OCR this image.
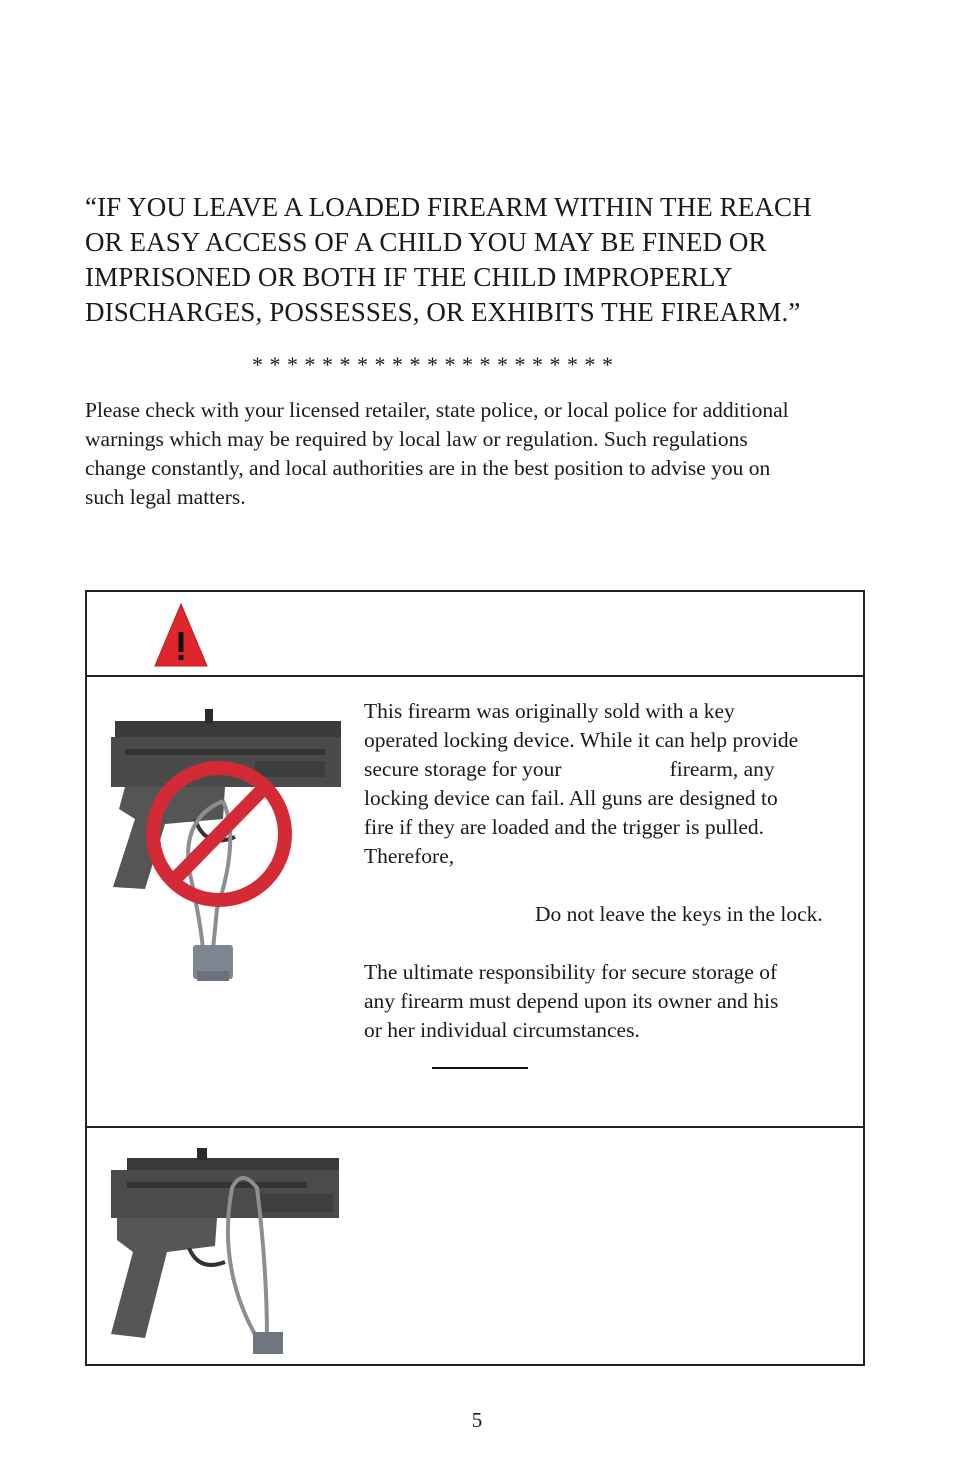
“IF YOU LEAVE A LOADED FIREARM WITHIN THE REACH
OR EASY ACCESS OF A CHILD YOU MAY BE FINED OR
IMPRISONED OR BOTH IF THE CHILD IMPROPERLY
DISCHARGES, POSSESSES, OR EXHIBITS THE FIREARM.”
* * * * * * * * * * * * * * * * * * * * *
Please check with your licensed retailer, state police, or local police for additional
warnings which may be required by local law or regulation. Such regulations
change constantly, and local authorities are in the best position to advise you on
such legal matters.
This firearm was originally sold with a key
operated locking device. While it can help provide
secure storage for your	firearm, any
locking device can fail. All guns are designed to
fire if they are loaded and the trigger is pulled.
Therefore,
Do not leave the keys in the lock.
The ultimate responsibility for secure storage of
any firearm must depend upon its owner and his
or her individual circumstances.
5
